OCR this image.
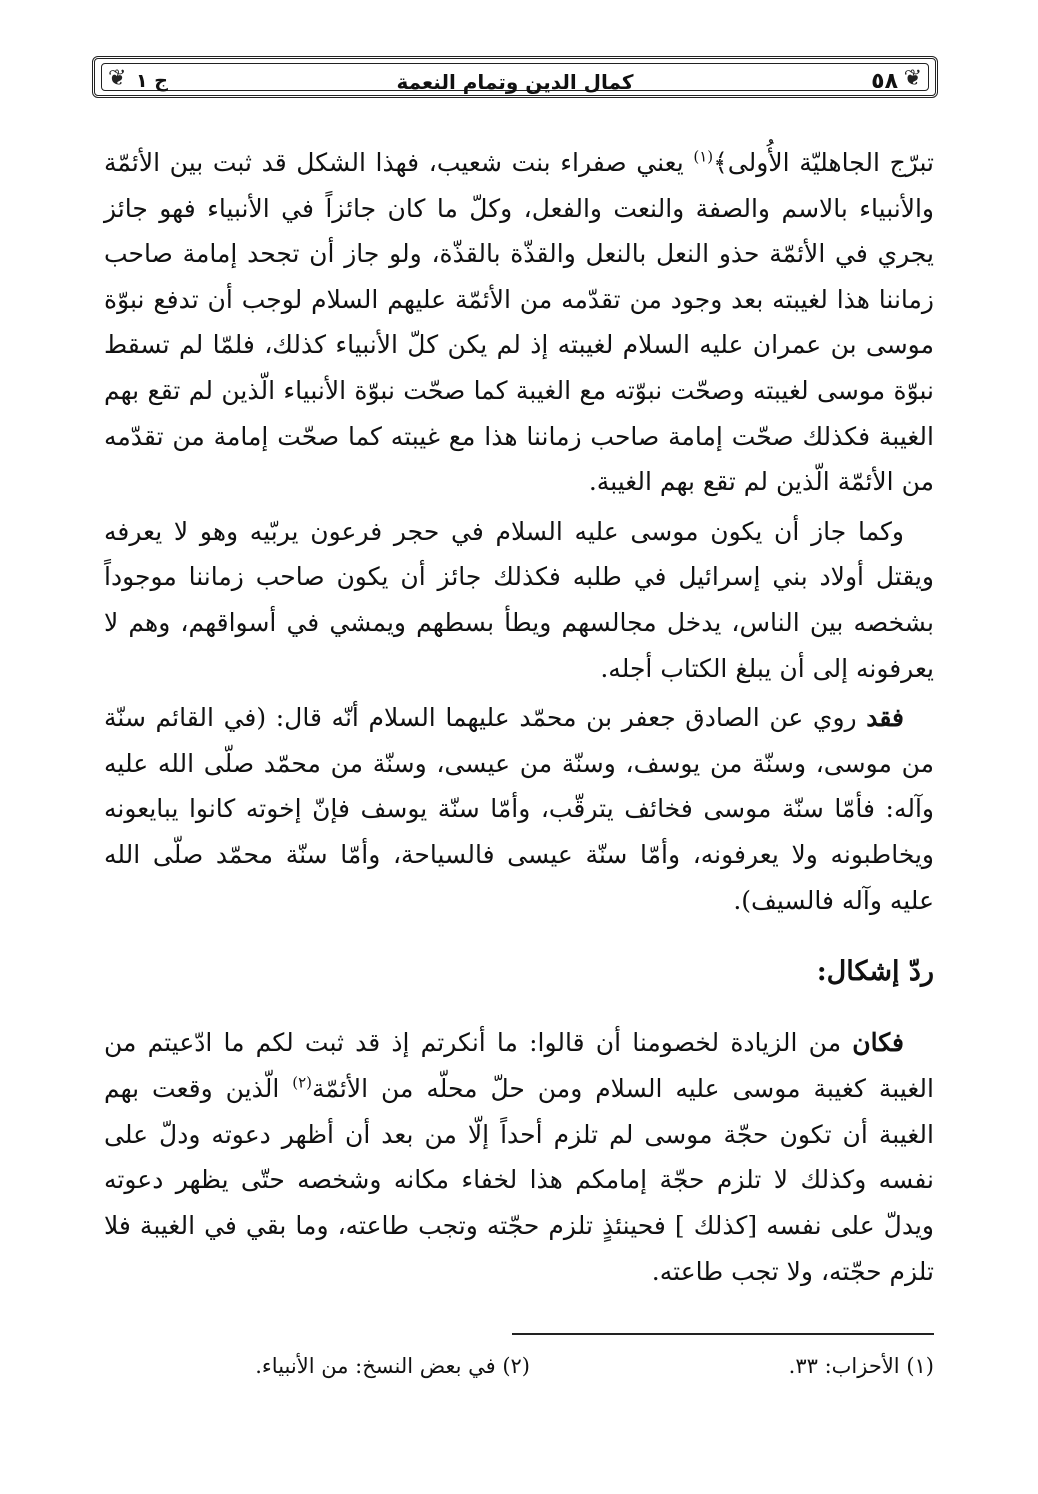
❦
٥٨
كمال الدين وتمام النعمة
ج ١
❦

تبرّج الجاهليّة الأُولى﴾$^{(١)}$ يعني صفراء بنت شعيب، فهذا الشكل قد ثبت بين الأئمّة والأنبياء بالاسم والصفة والنعت والفعل، وكلّ ما كان جائزاً في الأنبياء فهو جائز يجري في الأئمّة حذو النعل بالنعل والقذّة بالقذّة، ولو جاز أن تجحد إمامة صاحب زماننا هذا لغيبته بعد وجود من تقدّمه من الأئمّة عليهم السلام لوجب أن تدفع نبوّة موسى بن عمران عليه السلام لغيبته إذ لم يكن كلّ الأنبياء كذلك، فلمّا لم تسقط نبوّة موسى لغيبته وصحّت نبوّته مع الغيبة كما صحّت نبوّة الأنبياء الّذين لم تقع بهم الغيبة فكذلك صحّت إمامة صاحب زماننا هذا مع غيبته كما صحّت إمامة من تقدّمه من الأئمّة الّذين لم تقع بهم الغيبة.

وكما جاز أن يكون موسى عليه السلام في حجر فرعون يربّيه وهو لا يعرفه ويقتل أولاد بني إسرائيل في طلبه فكذلك جائز أن يكون صاحب زماننا موجوداً بشخصه بين الناس، يدخل مجالسهم ويطأ بسطهم ويمشي في أسواقهم، وهم لا يعرفونه إلى أن يبلغ الكتاب أجله.

فقد روي عن الصادق جعفر بن محمّد عليهما السلام أنّه قال: (في القائم سنّة من موسى، وسنّة من يوسف، وسنّة من عيسى، وسنّة من محمّد صلّى الله عليه وآله: فأمّا سنّة موسى فخائف يترقّب، وأمّا سنّة يوسف فإنّ إخوته كانوا يبايعونه ويخاطبونه ولا يعرفونه، وأمّا سنّة عيسى فالسياحة، وأمّا سنّة محمّد صلّى الله عليه وآله فالسيف).

ردّ إشكال:

فكان من الزيادة لخصومنا أن قالوا: ما أنكرتم إذ قد ثبت لكم ما ادّعيتم من الغيبة كغيبة موسى عليه السلام ومن حلّ محلّه من الأئمّة$^{(٢)}$ الّذين وقعت بهم الغيبة أن تكون حجّة موسى لم تلزم أحداً إلّا من بعد أن أظهر دعوته ودلّ على نفسه وكذلك لا تلزم حجّة إمامكم هذا لخفاء مكانه وشخصه حتّى يظهر دعوته ويدلّ على نفسه [كذلك ] فحينئذٍ تلزم حجّته وتجب طاعته، وما بقي في الغيبة فلا تلزم حجّته، ولا تجب طاعته.

(١) الأحزاب: ٣٣.
(٢) في بعض النسخ: من الأنبياء.
